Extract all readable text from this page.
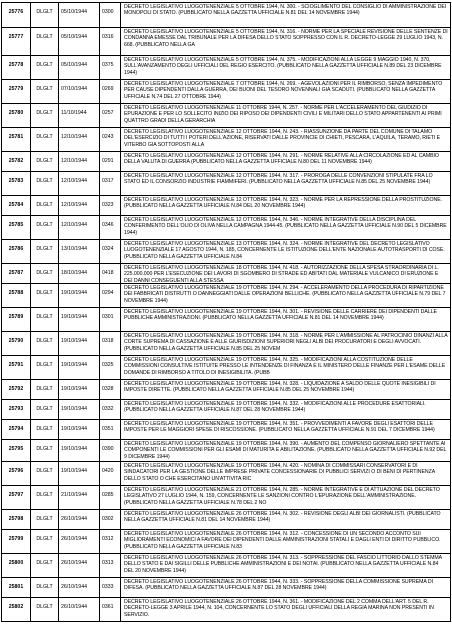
25776	DLGLT	05/10/1944	0300
DECRETO LEGISLATIVO LUOGOTENENZIALE 5 OTTOBRE 1944, N. 300. - SCIOGLIMENTO DEL CONSIGLIO DI AMMINISTRAZIONE DEI MONOPOLI DI STATO. (PUBBLICATO NELLA GAZZETTA UFFICIALE N.81 DEL 14 NOVEMBRE 1944)
25777	DLGLT	05/10/1944	0316
DECRETO LEGISLATIVO LUOGOTENENZIALE 5 OTTOBRE 1944, N. 316. - NORME PER LA SPECIALE REVISIONE DELLE SENTENZE DI CONDANNA EMESSE DAL TRIBUNALE PER LA DIFESA DELLO STATO SOPPRESSO CON IL R. DECRETO-LEGGE 29 LUGLIO 1943, N. 668. (PUBBLICATO NELLA GA
25778	DLGLT	05/10/1944	0375
DECRETO LEGISLATIVO LUOGOTENENZIALE 5 OTTOBRE 1944, N. 375. - MODIFICAZIONI ALLA LEGGE 9 MAGGIO 1940, N. 370, SULL'AVANZAMENTO DEGLI UFFICIALI DEL REGIO ESERCITO. (PUBBLICATO NELLA GAZZETTA UFFICIALE N.89 DEL 23 DICEMBRE 1944)
25779	DLGLT	07/10/1944	0269
DECRETO LEGISLATIVO LUOGOTENENZIALE 7 OTTOBRE 1944, N. 269. - AGEVOLAZIONI PER IL RIMBORSO, SENZA IMPEDIMENTO PER CAUSE DIPENDENTI DALLA GUERRA, DEI BUONI DEL TESORO NOVENNALI GIA SCADUTI. (PUBBLICATO NELLA GAZZETTA UFFICIALE N.74 DEL 27 OTTOBRE 1944)
25780	DLGLT	11/10/1944	0257
DECRETO LEGISLATIVO LUOGOTENENZIALE 11 OTTOBRE 1944, N. 257. - NORME PER L'ACCELERAMENTO DEL GIUDIZIO DI EPURAZIONE E PER LO SOLLECITO INIZIO DEI RIPOSO DEI DIPENDENTI CIVILI E MILITARI DELLO STATO APPARTENENTI AI PRIMI QUATTRO GRADI DELLA GERARCHIA
25781	DLGLT	12/10/1944	0243
DECRETO LEGISLATIVO LUOGOTENENZIALE 12 OTTOBRE 1944, N. 243. - RIASSUNZIONE DA PARTE DEL COMUNE DI TALAMO DEL'ESERCIZIO DI TUTTI I POTERI DELL'AZIONE, RISERVATI DALLE PROVINCIE DI CHIETI, PESCARA, L'AQUILA, TERAMO, RIETI E VITERBO GIA SOTTOPOSTI ALLA
25782	DLGLT	12/10/1944	0291
DECRETO LEGISLATIVO LUOGOTENENZIALE 12 OTTOBRE 1944, N. 291. - NORME RELATIVE ALLA CIRCOLAZIONE ED AL CAMBIO DELLA VALUTA DI GUERRA (PUBBLICATO NELLA GAZZETTA UFFICIALE N.80 DEL 11 NOVEMBRE 1944)
25783	DLGLT	12/10/1944	0317
DECRETO LEGISLATIVO LUOGOTENENZIALE 12 OTTOBRE 1944, N. 317. - PROROGA DELLE CONVENZIONI STIPULATE FRA LO STATO ED IL CONSORZIO INDUSTRIE FIAMMIFERI. (PUBBLICATO NELLA GAZZETTA UFFICIALE N.85 DEL 25 NOVEMBRE 1944)
25784	DLGLT	12/10/1944	0323
DECRETO LEGISLATIVO LUOGOTENENZIALE 12 OTTOBRE 1944, N. 323. - NORME PER LA REPRESSIONE DELLA PROSTITUZIONE. (PUBBLICATO NELLA GAZZETTA UFFICIALE N.84 DEL 20 NOVEMBRE 1944)
25785	DLGLT	12/10/1944	0346
DECRETO LEGISLATIVO LUOGOTENENZIALE 12 OTTOBRE 1944, N. 346. - NORME INTEGRATIVE DELLA DISCIPLINA DEL CONFERIMENTO DELL'OLIO DI OLIVA NELLA CAMPAGNA 1944-45. (PUBBLICATO NELLA GAZZETTA UFFICIALE N.90 DEL 5 DICEMBRE 1944)
25786	DLGLT	13/10/1944	0324
DECRETO LEGISLATIVO LUOGOTENENZIALE 13 OTTOBRE 1944, N. 324. - NORME INTEGRATIVE DEL DECRETO LEGISLATIVO LUOGOTENENZIALE 17 AGOSTO 1944, N. 185, CONCERNENTE LE ISTITUZIONE DELL'ENTE NAZIONALE AUTOTRASPORTI DI COSE. (PUBBLICATO NELLA GAZZETTA UFFICIALE N.84
25787	DLGLT	18/10/1944	0418
DECRETO LEGISLATIVO LUOGOTENENZIALE 18 OTTOBRE 1944, N. 418. - AUTORIZZAZIONE DELLA SPESA STRAORDINARIA DI L. 225.000.000 PER L'ESECUZIONE DEI LAVORI DI SGOMBERO DI STRADE ED ABITATI DAL MATERIALE VULCANICO DI ERUZIONE E DEI DANNI CONSEGUENTI ALLA STESSA
25788	DLGLT	19/10/1944	0294
DECRETO LEGISLATIVO LUOGOTENENZIALE 19 OTTOBRE 1944, N. 294. - ACCELERAMENTO DELLA PROCEDURA DI RIPARTIZIONE DEI FABBRICATI DISTRUTTI O DANNEGGIATI DALLE OPERAZIONI BELLICHE. (PUBBLICATO NELLA GAZZETTA UFFICIALE N.79 DEL 7 NOVEMBRE 1944)
25789	DLGLT	19/10/1944	0301
DECRETO LEGISLATIVO LUOGOTENENZIALE 19 OTTOBRE 1944, N. 301. - REVISIONE DELLE CARRIERE DEI DIPENDENTI DALLE PUBBLICHE AMMINISTRAZIONI. (PUBBLICATO NELLA GAZZETTA UFFICIALE N.81 DEL 14 NOVEMBRE 1944)
25790	DLGLT	19/10/1944	0318
DECRETO LEGISLATIVO LUOGOTENENZIALE 19 OTTOBRE 1944, N. 318. - NORME PER L'AMMISSIONE AL PATROCINIO DINANZI ALLA CORTE SUPREMA DI CASSAZIONE E ALLE GIURISDIZIONI SUPERIORI NEGLI ALBI DEI PROCURATORI E DEGLI AVVOCATI. (PUBBLICATO NELLA GAZZETTA UFFICIALE N.85 DEL 25 NOVEM
25791	DLGLT	19/10/1944	0325
DECRETO LEGISLATIVO LUOGOTENENZIALE 19 OTTOBRE 1944, N. 325. - MODIFICAZIONI ALLA COSTITUZIONE DELLE COMMISSIONI CONSULTIVE ISTITUITE PRESSO LE INTENDENZE DI FINANZA E IL MINISTERO DELLE FINANZE PER L'ESAME DELLE DOMANDE DI RIMBORSO A TITOLO DI INESIGIBILITA. (PUBB
25792	DLGLT	19/10/1944	0328
DECRETO LEGISLATIVO LUOGOTENENZIALE 19 OTTOBRE 1944, N. 328. - LIQUIDAZIONE A SALDO DELLE QUOTE INESIGIBILI DI IMPOSTE DIRETTE. (PUBBLICATO NELLA GAZZETTA UFFICIALE N.85 DEL 25 NOVEMBRE 1944)
25793	DLGLT	19/10/1944	0332
DECRETO LEGISLATIVO LUOGOTENENZIALE 19 OTTOBRE 1944, N. 332. - MODIFICAZIONI ALLE PROCEDURE ESATTORIALI. (PUBBLICATO NELLA GAZZETTA UFFICIALE N.87 DEL 28 NOVEMBRE 1944)
25794	DLGLT	19/10/1944	0351
DECRETO LEGISLATIVO LUOGOTENENZIALE 19 OTTOBRE 1944, N. 351. - PROVVEDIMENTI A FAVORE DEGLI ESATTORI DELLE IMPOSTE PER LE MAGGIORI SPESE DI RISCOSSIONE. (PUBBLICATO NELLA GAZZETTA UFFICIALE N.91 DEL 7 DICEMBRE 1944)
25795	DLGLT	19/10/1944	0390
DECRETO LEGISLATIVO LUOGOTENENZIALE 19 OTTOBRE 1944, N. 390. - AUMENTO DEL COMPENSO GIORNALIERO SPETTANTE AI COMPONENTI LE COMMISSIONI PER GLI ESAMI DI MATURITA E ABILITAZIONE. (PUBBLICATO NELLA GAZZETTA UFFICIALE N.92 DEL 9 DICEMBRE 1944)
25796	DLGLT	19/10/1944	0420
DECRETO LEGISLATIVO LUOGOTENENZIALE 19 OTTOBRE 1944, N. 420. - NOMINA DI COMMISSARI CONSERVATORI E DI SINDACATORI PER LA GESTIONE DELLE IMPRESE PRIVATE CONCESSIONARIE DI PUBBLICI SERVIZI O DI BENI DI PERTINENZA DELLO STATO O CHE ESERCITANO UN'ATTIVITA RIC
25797	DLGLT	21/10/1944	0285
DECRETO LEGISLATIVO LUOGOTENENZIALE 21 OTTOBRE 1944, N. 285. - NORME INTEGRATIVE E DI ATTUAZIONE DEL DECRETO LEGISLATIVO 27 LUGLIO 1944, N. 159, CONCERNENTE LE SANZIONI CONTRO L'EPURAZIONE DELL'AMMINISTRAZIONE. (PUBBLICATO NELLA GAZZETTA UFFICIALE N.78 DEL 2 NO
25798	DLGLT	26/10/1944	0302
DECRETO LEGISLATIVO LUOGOTENENZIALE 26 OTTOBRE 1944, N. 302. - REVISIONE DEGLI ALBI DEI GIORNALISTI. (PUBBLICATO NELLA GAZZETTA UFFICIALE N.81 DEL 14 NOVEMBRE 1944)
25799	DLGLT	26/10/1944	0312
DECRETO LEGISLATIVO LUOGOTENENZIALE 26 OTTOBRE 1944, N. 312. - CONCESSIONE DI UN SECONDO ACCONTO SUI MIGLIORAMENTI ECONOMICI A FAVORE DEI DIPENDENTI DALLE AMMINISTRAZIONI STATALI E DAGLI ENTI DI DIRITTO PUBBLICO. (PUBBLICATO NELLA GAZZETTA UFFICIALE N.83
25800	DLGLT	26/10/1944	0313
DECRETO LEGISLATIVO LUOGOTENENZIALE 26 OTTOBRE 1944, N. 313. - SOPPRESSIONE DEL FASCIO LITTORIO DALLO STEMMA DELLO STATO E DAI SIGILLI DELLE PUBBLICHE AMMINISTRAZIONI E DEI NOTAI. (PUBBLICATO NELLA GAZZETTA UFFICIALE N.84 DEL 20 NOVEMBRE 1944)
25801	DLGLT	26/10/1944	0333
DECRETO LEGISLATIVO LUOGOTENENZIALE 26 OTTOBRE 1944, N. 333. - SOPPRESSIONE DELLA COMMISSIONE SUPREMA DI DIFESA. (PUBBLICATO NELLA GAZZETTA UFFICIALE N.87 DEL 28 NOVEMBRE 1944)
25802	DLGLT	26/10/1944	0361
DECRETO LEGISLATIVO LUOGOTENENZIALE 26 OTTOBRE 1944, N. 361. - MODIFICAZIONE DEL 2 COMMA DELL'ART. 5 DEL R. DECRETO-LEGGE 3 APRILE 1944, N. 104, CONCERNENTE LO STATO DEGLI UFFICIALI DELLA REGIA MARINA NON PRESENTI IN SERVIZIO.
